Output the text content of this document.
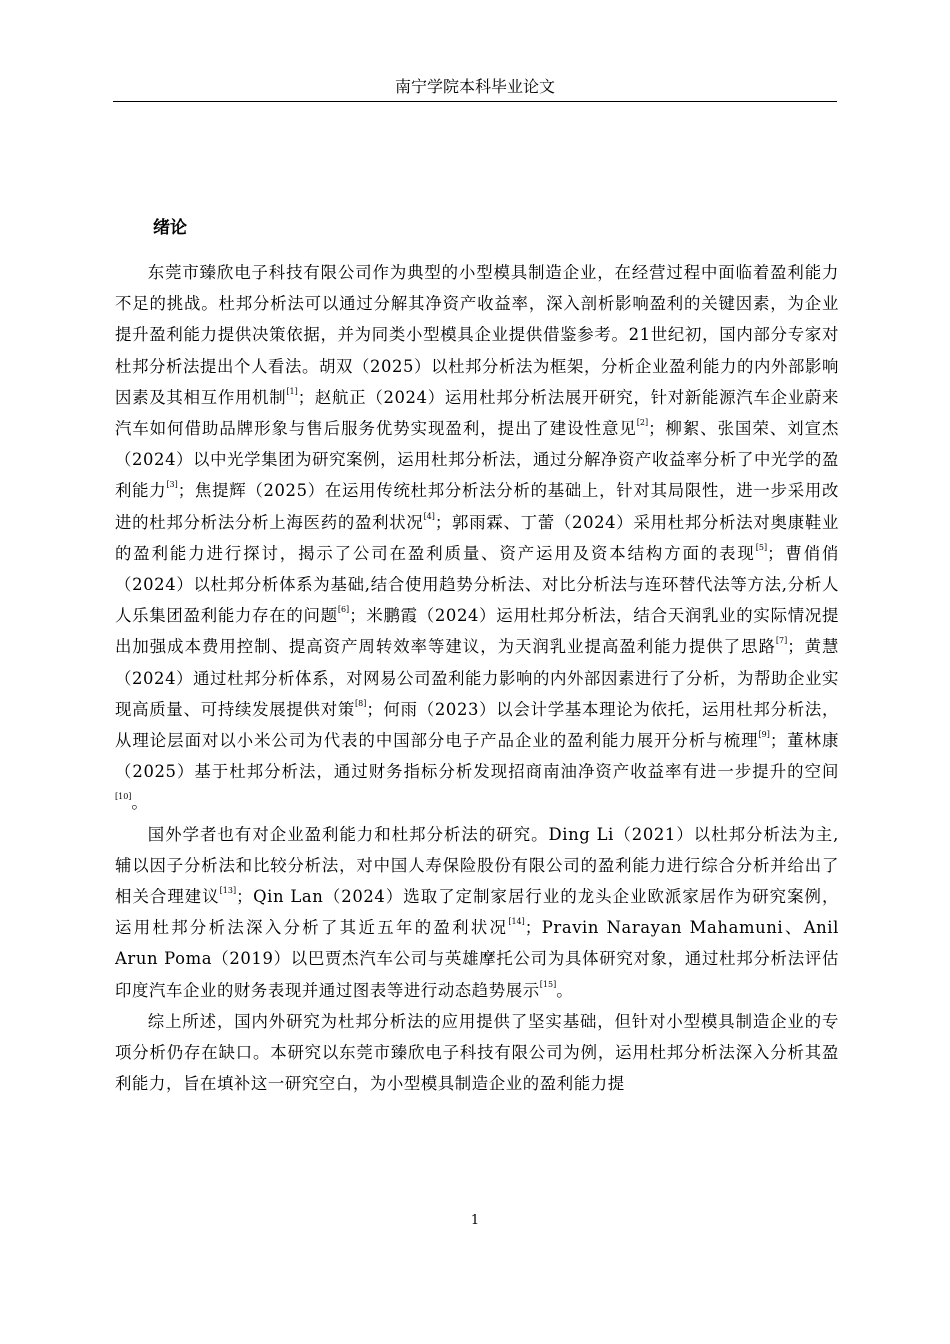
南宁学院本科毕业论文
绪论

东莞市臻欣电子科技有限公司作为典型的小型模具制造企业，在经营过程中面临着盈利能力不足的挑战。杜邦分析法可以通过分解其净资产收益率，深入剖析影响盈利的关键因素，为企业提升盈利能力提供决策依据，并为同类小型模具企业提供借鉴参考。21世纪初，国内部分专家对杜邦分析法提出个人看法。胡双（2025）以杜邦分析法为框架，分析企业盈利能力的内外部影响因素及其相互作用机制[1]；赵航正（2024）运用杜邦分析法展开研究，针对新能源汽车企业蔚来汽车如何借助品牌形象与售后服务优势实现盈利，提出了建设性意见[2]；柳絮、张国荣、刘宣杰（2024）以中光学集团为研究案例，运用杜邦分析法，通过分解净资产收益率分析了中光学的盈利能力[3]；焦提辉（2025）在运用传统杜邦分析法分析的基础上，针对其局限性，进一步采用改进的杜邦分析法分析上海医药的盈利状况[4]；郭雨霖、丁蕾（2024）采用杜邦分析法对奥康鞋业的盈利能力进行探讨，揭示了公司在盈利质量、资产运用及资本结构方面的表现[5]；曹俏俏（2024）以杜邦分析体系为基础,结合使用趋势分析法、对比分析法与连环替代法等方法,分析人人乐集团盈利能力存在的问题[6]；米鹏霞（2024）运用杜邦分析法，结合天润乳业的实际情况提出加强成本费用控制、提高资产周转效率等建议，为天润乳业提高盈利能力提供了思路[7]；黄慧（2024）通过杜邦分析体系，对网易公司盈利能力影响的内外部因素进行了分析，为帮助企业实现高质量、可持续发展提供对策[8]；何雨（2023）以会计学基本理论为依托，运用杜邦分析法，从理论层面对以小米公司为代表的中国部分电子产品企业的盈利能力展开分析与梳理[9]；董林康（2025）基于杜邦分析法，通过财务指标分析发现招商南油净资产收益率有进一步提升的空间[10]。

国外学者也有对企业盈利能力和杜邦分析法的研究。Ding Li（2021）以杜邦分析法为主,辅以因子分析法和比较分析法，对中国人寿保险股份有限公司的盈利能力进行综合分析并给出了相关合理建议[13]；Qin Lan（2024）选取了定制家居行业的龙头企业欧派家居作为研究案例，运用杜邦分析法深入分析了其近五年的盈利状况[14]；Pravin Narayan Mahamuni、Anil Arun Poma（2019）以巴贾杰汽车公司与英雄摩托公司为具体研究对象，通过杜邦分析法评估印度汽车企业的财务表现并通过图表等进行动态趋势展示[15]。

综上所述，国内外研究为杜邦分析法的应用提供了坚实基础，但针对小型模具制造企业的专项分析仍存在缺口。本研究以东莞市臻欣电子科技有限公司为例，运用杜邦分析法深入分析其盈利能力，旨在填补这一研究空白，为小型模具制造企业的盈利能力提

1
